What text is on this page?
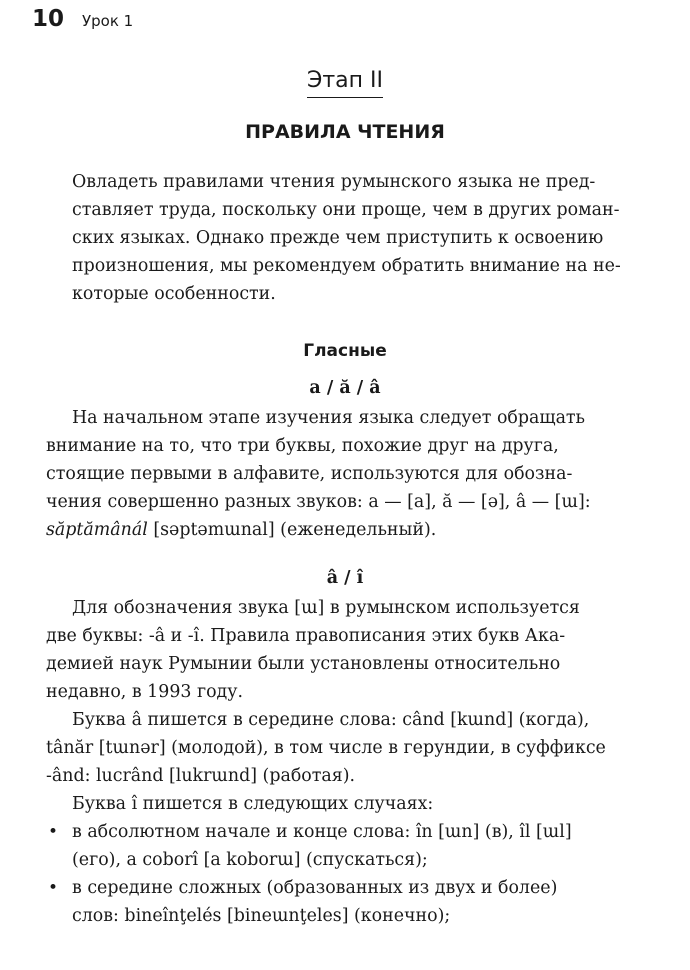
10 Урок 1
Этап II
ПРАВИЛА ЧТЕНИЯ

Овладеть правилами чтения румынского языка не пред-
ставляет труда, поскольку они проще, чем в других роман-
ских языках. Однако прежде чем приступить к освоению
произношения, мы рекомендуем обратить внимание на не-
которые особенности.

Гласные
a / ă / â

На начальном этапе изучения языка следует обращать
внимание на то, что три буквы, похожие друг на друга,
стоящие первыми в алфавите, используются для обозна-
чения совершенно разных звуков: a — [a], ă — [ə], â — [ɯ]:
săptămânál [səptəmɯnal] (еженедельный).

â / î

Для обозначения звука [ɯ] в румынском используется
две буквы: -â и -î. Правила правописания этих букв Ака-
демией наук Румынии были установлены относительно
недавно, в 1993 году.
Буква â пишется в середине слова: când [kɯnd] (когда),
tânăr [tɯnər] (молодой), в том числе в герундии, в суффиксе
-ând: lucrând [lukrɯnd] (работая).
Буква î пишется в следующих случаях:

• в абсолютном начале и конце слова: în [ɯn] (в), îl [ɯl]
(его), a coborî [a koborɯ] (спускаться);
• в середине сложных (образованных из двух и более)
слов: bineînţelés [bineɯnţeles] (конечно);
